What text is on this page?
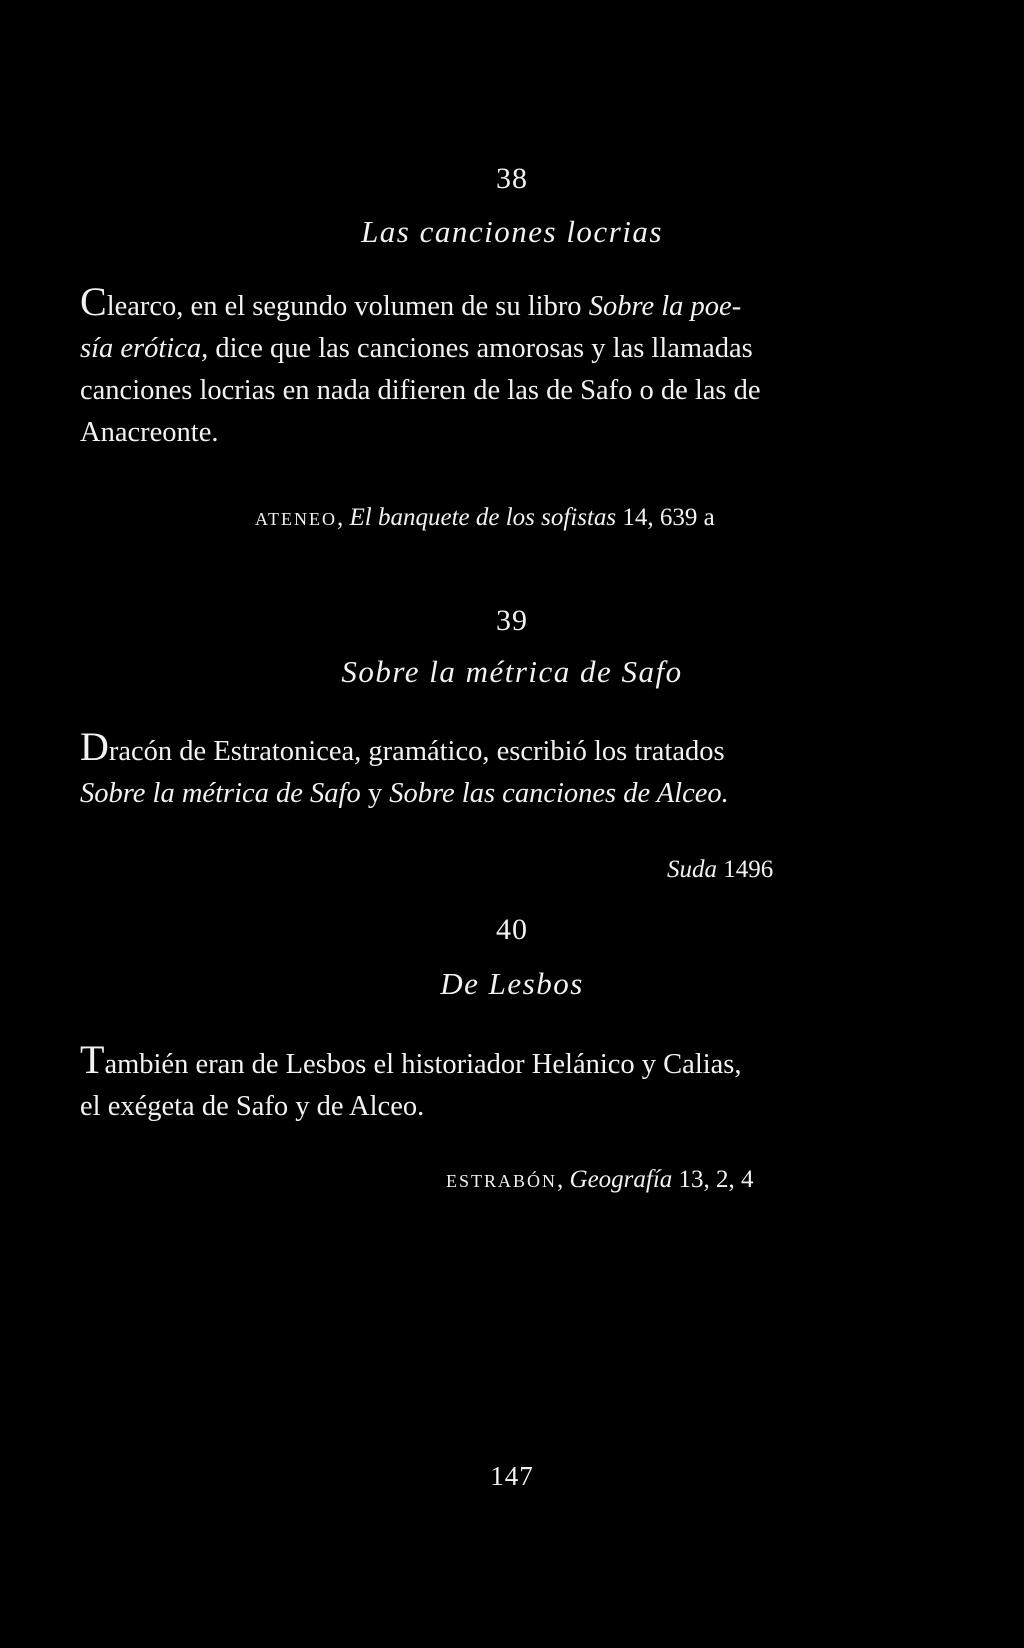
38
Las canciones locrias
Clearco, en el segundo volumen de su libro Sobre la poe-
sía erótica, dice que las canciones amorosas y las llamadas
canciones locrias en nada difieren de las de Safo o de las de
Anacreonte.
ateneo, El banquete de los sofistas 14, 639 a
39
Sobre la métrica de Safo
Dracón de Estratonicea, gramático, escribió los tratados
Sobre la métrica de Safo y Sobre las canciones de Alceo.
Suda 1496
40
De Lesbos
También eran de Lesbos el historiador Helánico y Calias,
el exégeta de Safo y de Alceo.
estrabón, Geografía 13, 2, 4
147
